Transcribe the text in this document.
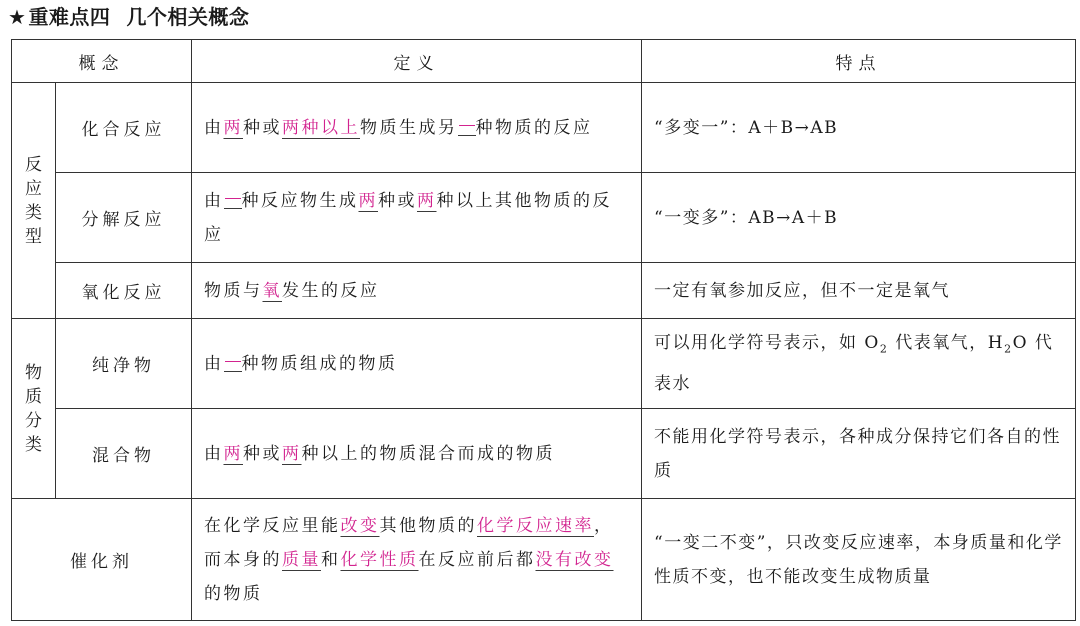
★ 重难点四 几个相关概念
概念		定义	特点

反
应
类
型	化合反应	由两种或两种以上物质生成另 种物质的反应	“多变一”：A＋B→AB
	分解反应	由 种反应物生成两种或两种以上其他物质的反应	“一变多”：AB→A＋B
	氧化反应	物质与氧发生的反应	一定有氧参加反应，但不一定是氧气

物
质
分
类	纯净物	由 种物质组成的物质	可以用化学符号表示，如 $O_2$ 代表氧气，$H_2O$ 代表水
	混合物	由两种或两种以上的物质混合而成的物质	不能用化学符号表示，各种成分保持它们各自的性质
催化剂		在化学反应里能改变其他物质的化学反应速率，而本身的质量和化学性质在反应前后都没有改变的物质	“一变二不变”，只改变反应速率，本身质量和化学性质不变，也不能改变生成物质量
